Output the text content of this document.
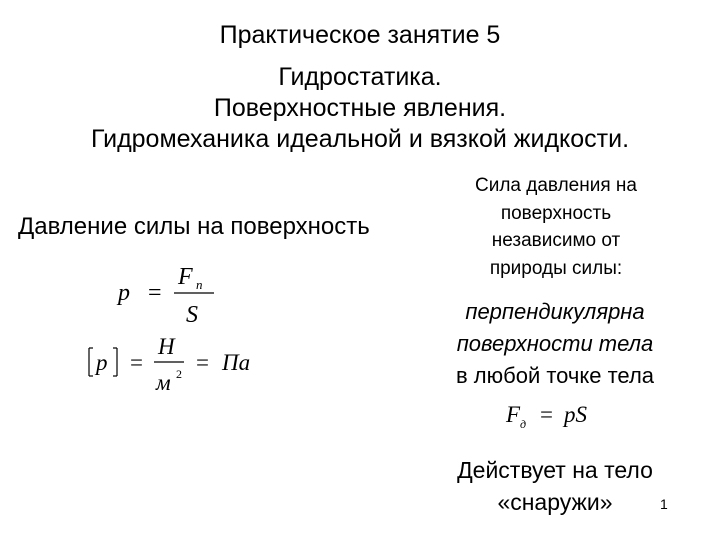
Практическое занятие 5
Гидростатика.
Поверхностные явления.
Гидромеханика идеальной и вязкой жидкости.
Давление силы на поверхность
p =
F n
S
p =
Н
м 2 = Па
Сила давления на
поверхность
независимо от
природы силы:
перпендикулярна
поверхности тела
в любой точке тела
F д = pS
Действует на тело
«снаружи»	1
